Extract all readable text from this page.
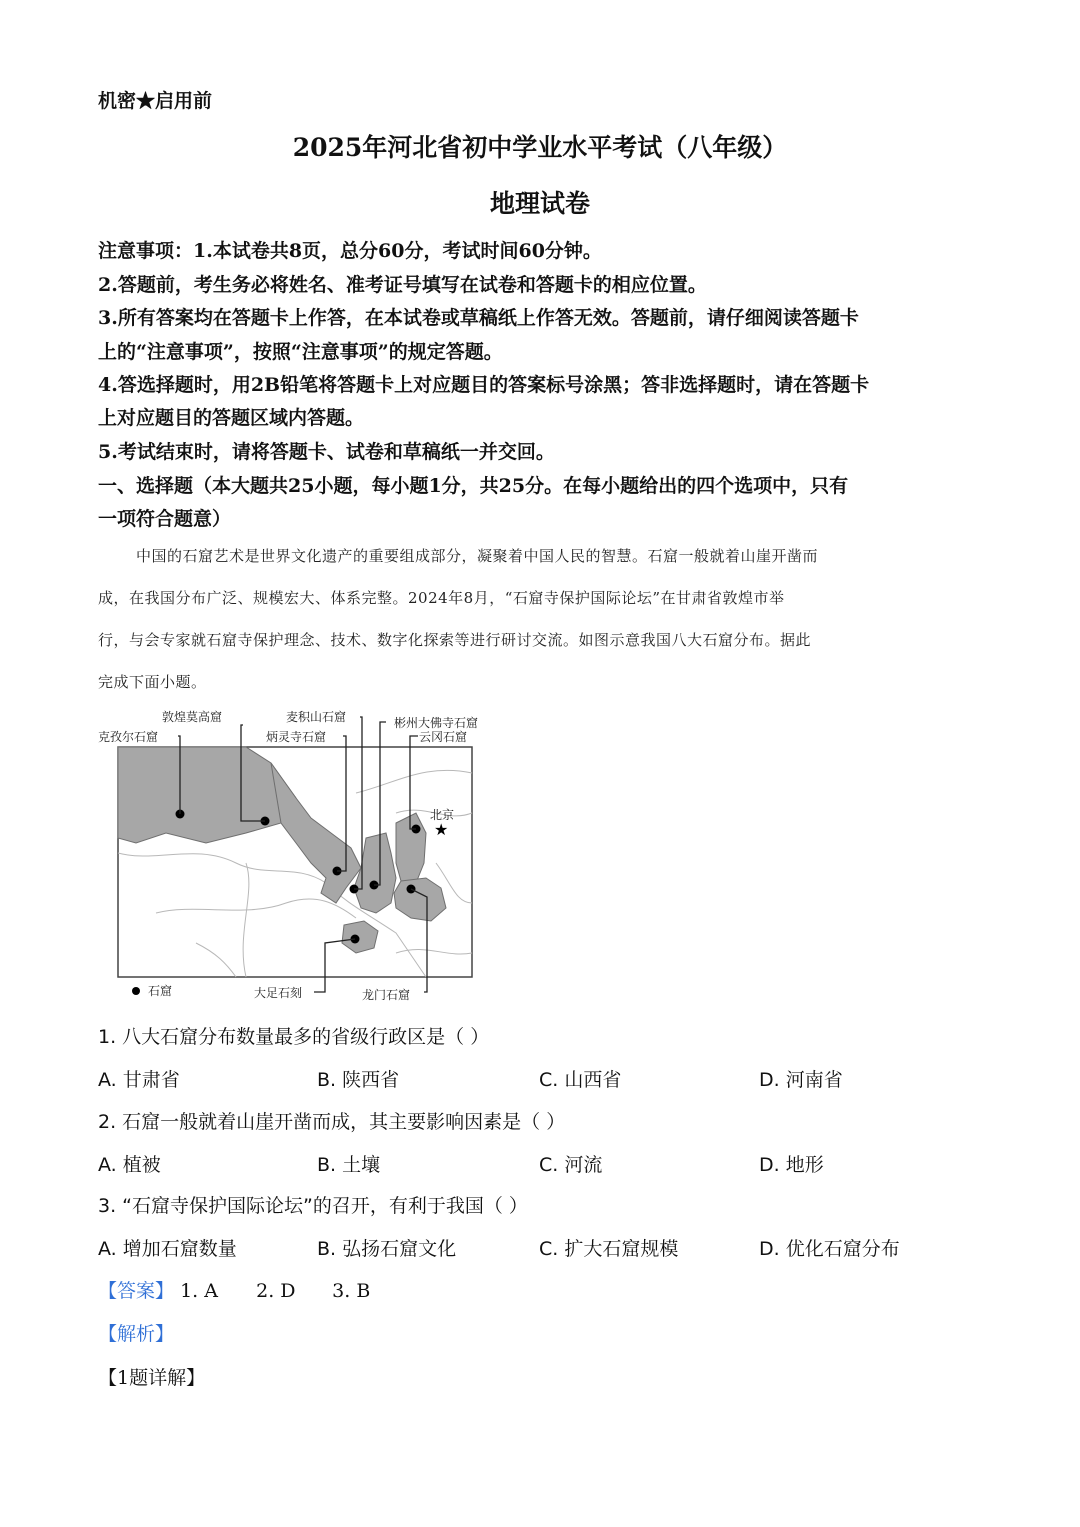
机密★启用前
2025年河北省初中学业水平考试（八年级）
地理试卷
注意事项：1.本试卷共8页，总分60分，考试时间60分钟。
2.答题前，考生务必将姓名、准考证号填写在试卷和答题卡的相应位置。
3.所有答案均在答题卡上作答，在本试卷或草稿纸上作答无效。答题前，请仔细阅读答题卡
上的“注意事项”，按照“注意事项”的规定答题。
4.答选择题时，用2B铅笔将答题卡上对应题目的答案标号涂黑；答非选择题时，请在答题卡
上对应题目的答题区域内答题。
5.考试结束时，请将答题卡、试卷和草稿纸一并交回。
一、选择题（本大题共25小题，每小题1分，共25分。在每小题给出的四个选项中，只有
一项符合题意）
中国的石窟艺术是世界文化遗产的重要组成部分，凝聚着中国人民的智慧。石窟一般就着山崖开凿而
成，在我国分布广泛、规模宏大、体系完整。2024年8月，“石窟寺保护国际论坛”在甘肃省敦煌市举
行，与会专家就石窟寺保护理念、技术、数字化探索等进行研讨交流。如图示意我国八大石窟分布。据此
完成下面小题。
★
敦煌莫高窟
克孜尔石窟
麦积山石窟
炳灵寺石窟
彬州大佛寺石窟
云冈石窟
北京
石窟	大足石刻	龙门石窟
1. 八大石窟分布数量最多的省级行政区是（ ）
A. 甘肃省	B. 陕西省	C. 山西省	D. 河南省
2. 石窟一般就着山崖开凿而成，其主要影响因素是（ ）
A. 植被	B. 土壤	C. 河流	D. 地形
3. “石窟寺保护国际论坛”的召开，有利于我国（ ）
A. 增加石窟数量	B. 弘扬石窟文化	C. 扩大石窟规模	D. 优化石窟分布
【答案】 1. A 2. D 3. B
【解析】
【1题详解】
